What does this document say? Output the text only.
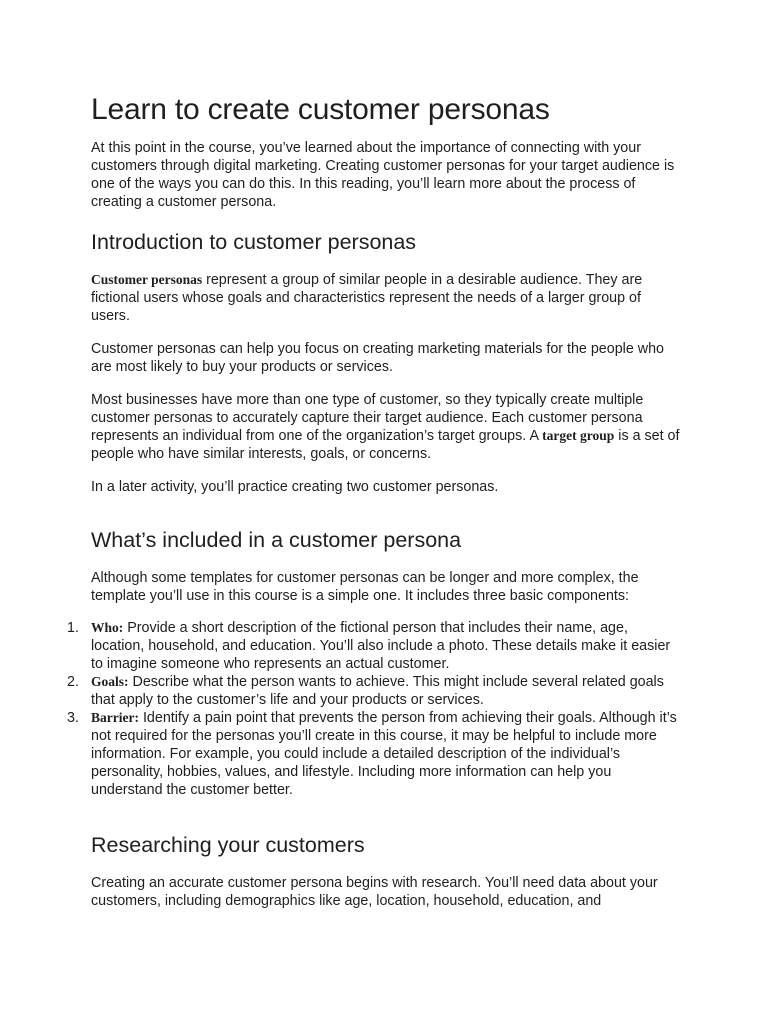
Learn to create customer personas

At this point in the course, you’ve learned about the importance of connecting with your customers through digital marketing. Creating customer personas for your target audience is one of the ways you can do this. In this reading, you’ll learn more about the process of creating a customer persona.

Introduction to customer personas

Customer personas represent a group of similar people in a desirable audience. They are fictional users whose goals and characteristics represent the needs of a larger group of users.

Customer personas can help you focus on creating marketing materials for the people who are most likely to buy your products or services.

Most businesses have more than one type of customer, so they typically create multiple customer personas to accurately capture their target audience. Each customer persona represents an individual from one of the organization’s target groups. A target group is a set of people who have similar interests, goals, or concerns.

In a later activity, you’ll practice creating two customer personas.

What’s included in a customer persona

Although some templates for customer personas can be longer and more complex, the template you’ll use in this course is a simple one. It includes three basic components:

1. Who: Provide a short description of the fictional person that includes their name, age, location, household, and education. You’ll also include a photo. These details make it easier to imagine someone who represents an actual customer.
2. Goals: Describe what the person wants to achieve. This might include several related goals that apply to the customer’s life and your products or services.
3. Barrier: Identify a pain point that prevents the person from achieving their goals. Although it’s not required for the personas you’ll create in this course, it may be helpful to include more information. For example, you could include a detailed description of the individual’s personality, hobbies, values, and lifestyle. Including more information can help you understand the customer better.
Researching your customers

Creating an accurate customer persona begins with research. You’ll need data about your customers, including demographics like age, location, household, education, and
